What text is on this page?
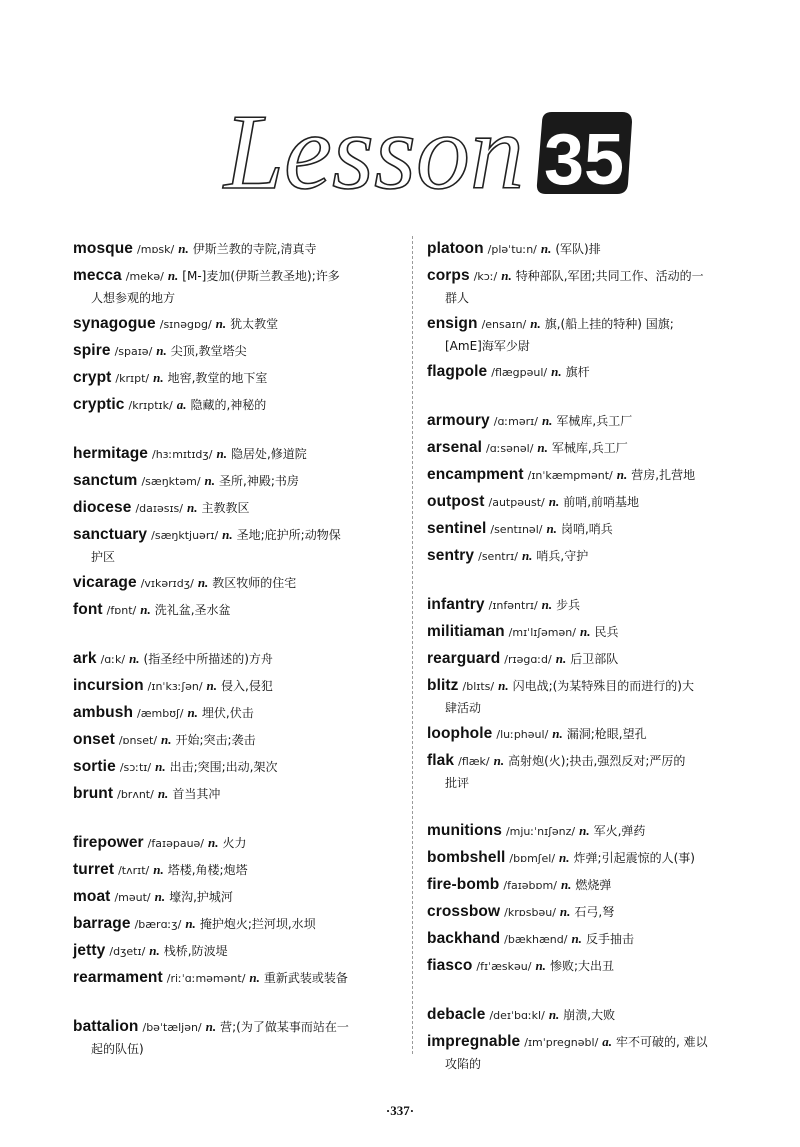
Lesson 35
mosque /mɒsk/ n. 伊斯兰教的寺院,清真寺
mecca /mekə/ n. [M-]麦加(伊斯兰教圣地);许多
人想参观的地方
synagogue /sɪnəgɒg/ n. 犹太教堂
spire /spaɪə/ n. 尖顶,教堂塔尖
crypt /krɪpt/ n. 地窖,教堂的地下室
cryptic /krɪptɪk/ a. 隐藏的,神秘的
hermitage /hɜːmɪtɪdʒ/ n. 隐居处,修道院
sanctum /sæŋktəm/ n. 圣所,神殿;书房
diocese /daɪəsɪs/ n. 主教教区
sanctuary /sæŋktjuərɪ/ n. 圣地;庇护所;动物保
护区
vicarage /vɪkərɪdʒ/ n. 教区牧师的住宅
font /fɒnt/ n. 洗礼盆,圣水盆
ark /ɑːk/ n. (指圣经中所描述的)方舟
incursion /ɪnˈkɜːʃən/ n. 侵入,侵犯
ambush /æmbʊʃ/ n. 埋伏,伏击
onset /ɒnset/ n. 开始;突击;袭击
sortie /sɔːtɪ/ n. 出击;突围;出动,架次
brunt /brʌnt/ n. 首当其冲
firepower /faɪəpauə/ n. 火力
turret /tʌrɪt/ n. 塔楼,角楼;炮塔
moat /məut/ n. 壕沟,护城河
barrage /bærɑːʒ/ n. 掩护炮火;拦河坝,水坝
jetty /dʒetɪ/ n. 栈桥,防波堤
rearmament /riːˈɑːməmənt/ n. 重新武装或装备
battalion /bəˈtæljən/ n. 营;(为了做某事而站在一
起的队伍)
platoon /pləˈtuːn/ n. (军队)排
corps /kɔː/ n. 特种部队,军团;共同工作、活动的一
群人
ensign /ensaɪn/ n. 旗,(船上挂的特种) 国旗;
[AmE]海军少尉
flagpole /flægpəul/ n. 旗杆
armoury /ɑːmərɪ/ n. 军械库,兵工厂
arsenal /ɑːsənəl/ n. 军械库,兵工厂
encampment /ɪnˈkæmpmənt/ n. 营房,扎营地
outpost /autpəust/ n. 前哨,前哨基地
sentinel /sentɪnəl/ n. 岗哨,哨兵
sentry /sentrɪ/ n. 哨兵,守护
infantry /ɪnfəntrɪ/ n. 步兵
militiaman /mɪˈlɪʃəmən/ n. 民兵
rearguard /rɪəgɑːd/ n. 后卫部队
blitz /blɪts/ n. 闪电战;(为某特殊目的而进行的)大
肆活动
loophole /luːphəul/ n. 漏洞;枪眼,望孔
flak /flæk/ n. 高射炮(火);抉击,强烈反对;严厉的
批评
munitions /mjuːˈnɪʃənz/ n. 军火,弹药
bombshell /bɒmʃel/ n. 炸弹;引起震惊的人(事)
fire-bomb /faɪəbɒm/ n. 燃烧弹
crossbow /krɒsbəu/ n. 石弓,弩
backhand /bækhænd/ n. 反手抽击
fiasco /fɪˈæskəu/ n. 惨败;大出丑
debacle /deɪˈbɑːkl/ n. 崩溃,大败
impregnable /ɪmˈpregnəbl/ a. 牢不可破的, 难以
攻陷的
·337·
